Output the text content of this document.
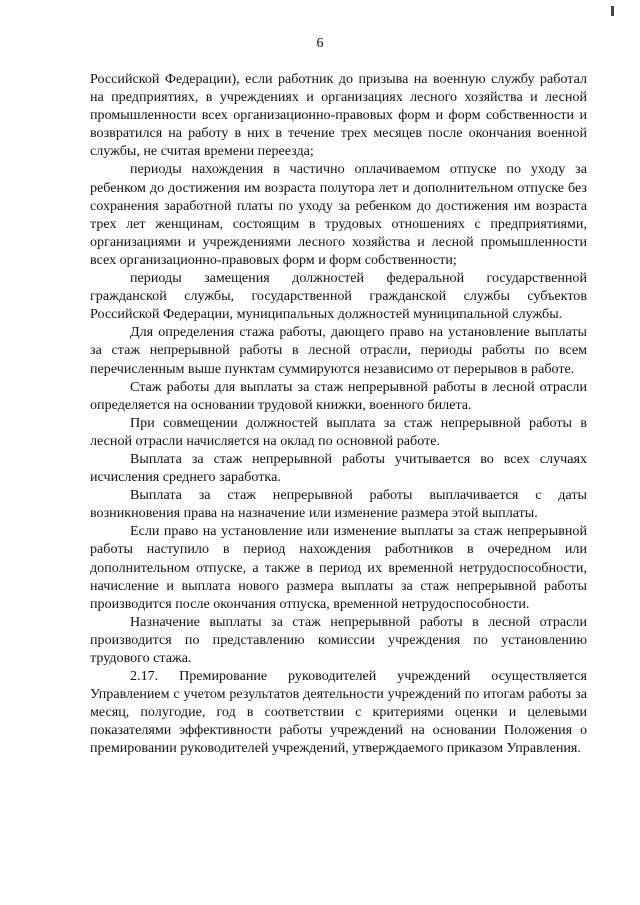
6

Российской Федерации), если работник до призыва на военную службу работал на предприятиях, в учреждениях и организациях лесного хозяйства и лесной промышленности всех организационно-правовых форм и форм собственности и возвратился на работу в них в течение трех месяцев после окончания военной службы, не считая времени переезда;

периоды нахождения в частично оплачиваемом отпуске по уходу за ребенком до достижения им возраста полутора лет и дополнительном отпуске без сохранения заработной платы по уходу за ребенком до достижения им возраста трех лет женщинам, состоящим в трудовых отношениях с предприятиями, организациями и учреждениями лесного хозяйства и лесной промышленности всех организационно-правовых форм и форм собственности;

периоды замещения должностей федеральной государственной гражданской службы, государственной гражданской службы субъектов Российской Федерации, муниципальных должностей муниципальной службы.

Для определения стажа работы, дающего право на установление выплаты за стаж непрерывной работы в лесной отрасли, периоды работы по всем перечисленным выше пунктам суммируются независимо от перерывов в работе.

Стаж работы для выплаты за стаж непрерывной работы в лесной отрасли определяется на основании трудовой книжки, военного билета.

При совмещении должностей выплата за стаж непрерывной работы в лесной отрасли начисляется на оклад по основной работе.

Выплата за стаж непрерывной работы учитывается во всех случаях исчисления среднего заработка.

Выплата за стаж непрерывной работы выплачивается с даты возникновения права на назначение или изменение размера этой выплаты.

Если право на установление или изменение выплаты за стаж непрерывной работы наступило в период нахождения работников в очередном или дополнительном отпуске, а также в период их временной нетрудоспособности, начисление и выплата нового размера выплаты за стаж непрерывной работы производится после окончания отпуска, временной нетрудоспособности.

Назначение выплаты за стаж непрерывной работы в лесной отрасли производится по представлению комиссии учреждения по установлению трудового стажа.

2.17. Премирование руководителей учреждений осуществляется Управлением с учетом результатов деятельности учреждений по итогам работы за месяц, полугодие, год в соответствии с критериями оценки и целевыми показателями эффективности работы учреждений на основании Положения о премировании руководителей учреждений, утверждаемого приказом Управления.
